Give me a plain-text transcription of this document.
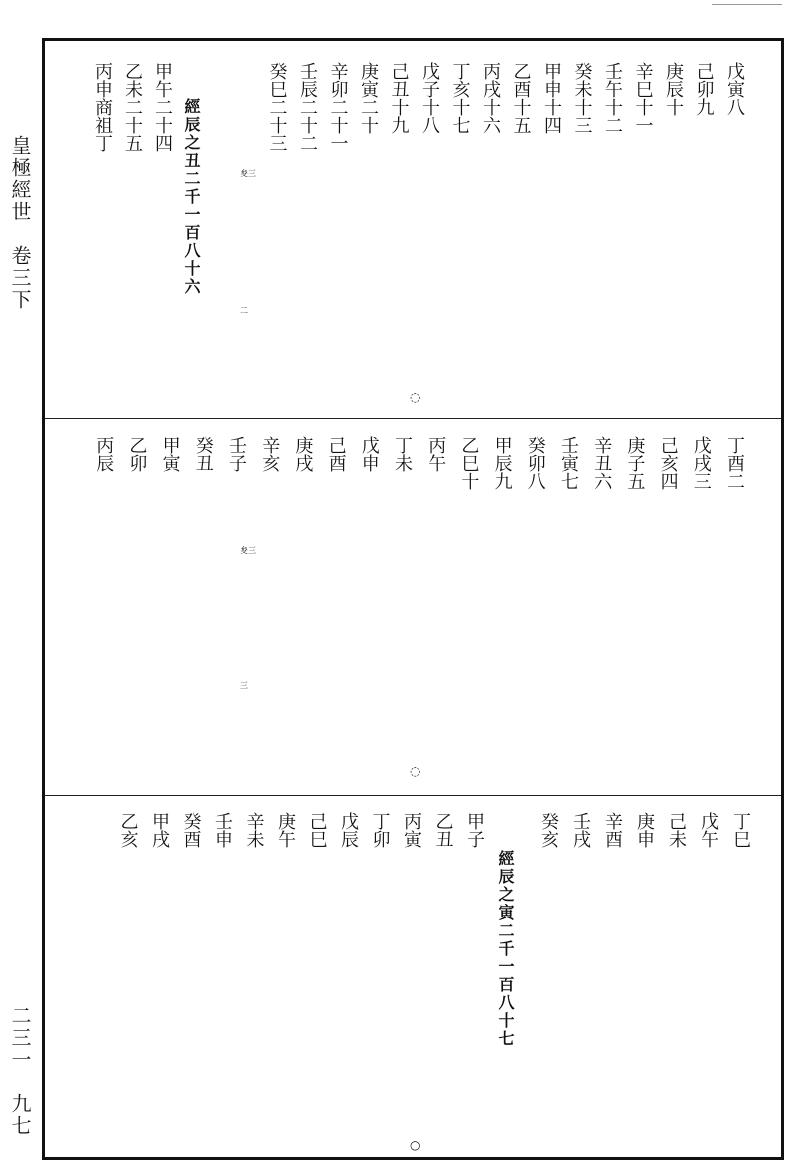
皇極經世　卷三下
二三一　九七
經辰之丑二千一百八十六
經辰之寅二千一百八十七
夋三
二
夋三
三
◌
◌
○
戊寅八
己卯九
庚辰十
辛巳十一
壬午十二
癸未十三
甲申十四
乙酉十五
丙戌十六
丁亥十七
戊子十八
己丑十九
庚寅二十
辛卯二十一
壬辰二十二
癸巳二十三
甲午二十四
乙未二十五
丙申商祖丁
丁酉二
戊戌三
己亥四
庚子五
辛丑六
壬寅七
癸卯八
甲辰九
乙巳十
丙午
丁未
戊申
己酉
庚戌
辛亥
壬子
癸丑
甲寅
乙卯
丙辰
丁巳
戊午
己未
庚申
辛酉
壬戌
癸亥
甲子
乙丑
丙寅
丁卯
戊辰
己巳
庚午
辛未
壬申
癸酉
甲戌
乙亥
